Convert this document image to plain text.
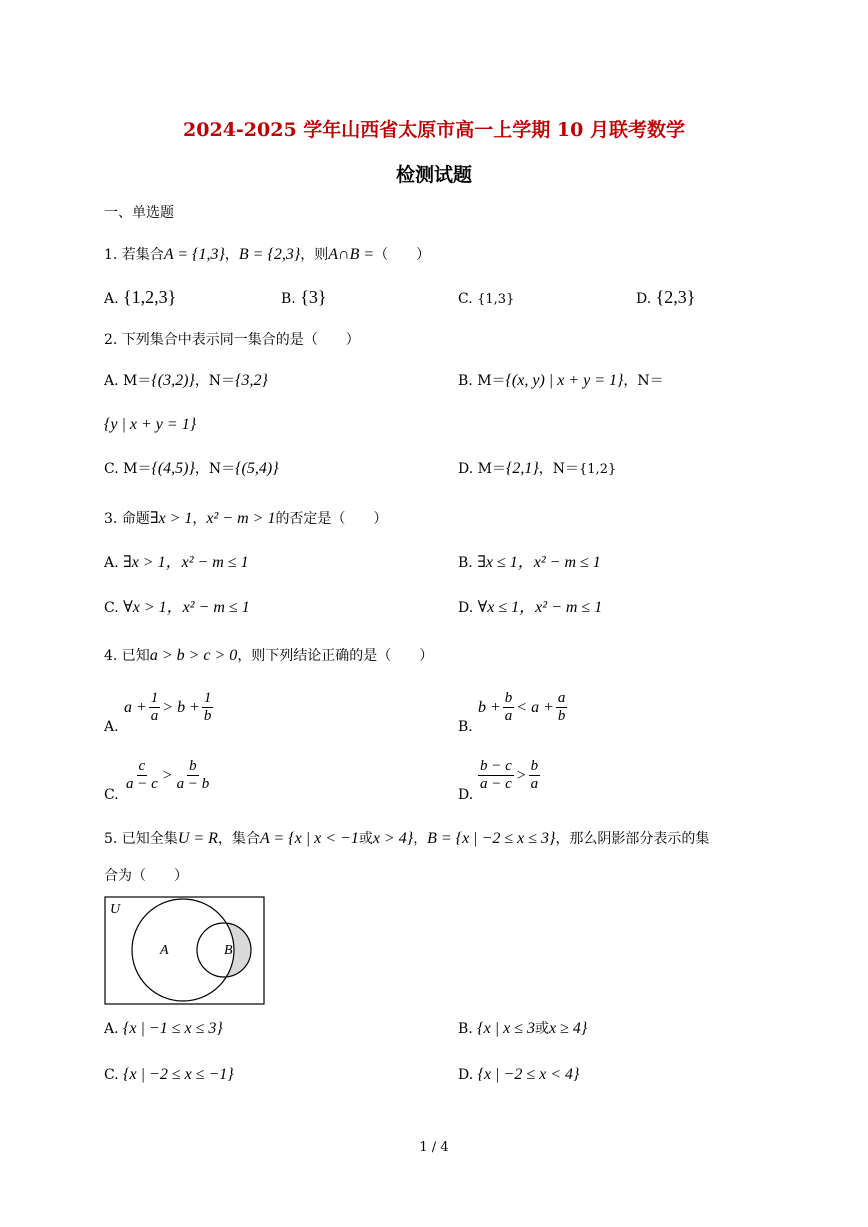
2024-2025 学年山西省太原市高一上学期 10 月联考数学
检测试题
一、单选题
1. 若集合A = {1,3}，B = {2,3}，则A∩B =（　　）
A. {1,2,3}	B. {3}	C. {1,3}	D. {2,3}
2. 下列集合中表示同一集合的是（　　）
A. M＝{(3,2)}，N＝{3,2}	B. M＝{(x, y) | x + y = 1}，N＝
{y | x + y = 1}
C. M＝{(4,5)}，N＝{(5,4)}	D. M＝{2,1}，N＝{1,2}
3. 命题∃x > 1，x² − m > 1的否定是（　　）
A. ∃x > 1，x² − m ≤ 1	B. ∃x ≤ 1，x² − m ≤ 1
C. ∀x > 1，x² − m ≤ 1	D. ∀x ≤ 1，x² − m ≤ 1
4. 已知a > b > c > 0，则下列结论正确的是（　　）
A.
$a + \frac{1}{a} > b + \frac{1}{b}$
B.
$b + \frac{b}{a} < a + \frac{a}{b}$
C.
$\frac{c}{a - c} > \frac{b}{a - b}$
D.
$\frac{b - c}{a - c} > \frac{b}{a}$
5. 已知全集U = R，集合A = {x | x < −1或x > 4}，B = {x | −2 ≤ x ≤ 3}，那么阴影部分表示的集
合为（　　）
U
A	B
A. {x | −1 ≤ x ≤ 3}	B. {x | x ≤ 3或x ≥ 4}
C. {x | −2 ≤ x ≤ −1}	D. {x | −2 ≤ x < 4}
1 / 4
